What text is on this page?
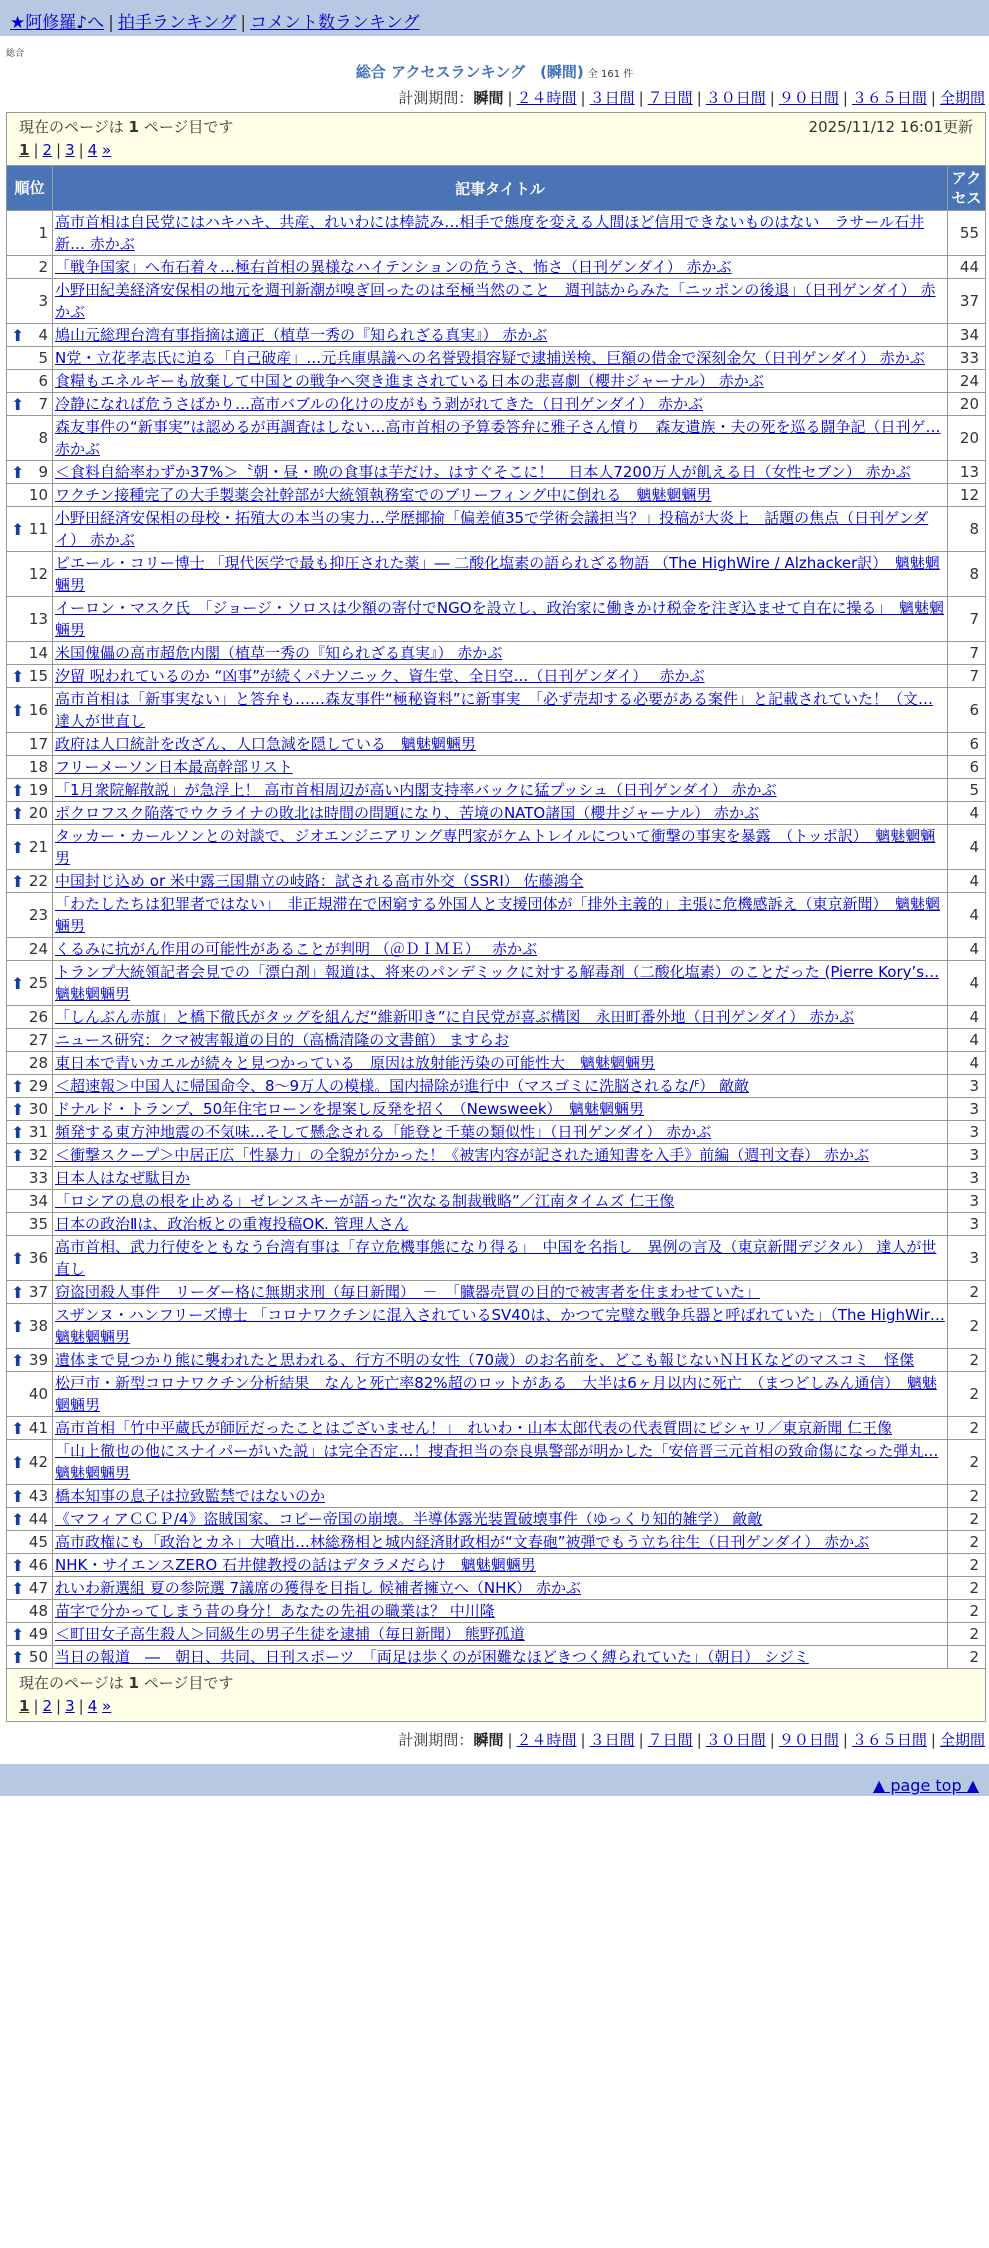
★阿修羅♪へ | 拍手ランキング | コメント数ランキング
総合
総合 アクセスランキング　(瞬間) 全 161 件
計測期間：瞬間 | ２４時間 | ３日間 | ７日間 | ３０日間 | ９０日間 | ３６５日間 | 全期間
現在のページは 1 ページ目です 2025/11/12 16:01更新
1 | 2 | 3 | 4 »		

順位	記事タイトル	アクセス
1	高市首相は自民党にはハキハキ、共産、れいわには棒読み…相手で態度を変える人間ほど信用できないものはない　ラサール石井 新… 赤かぶ	55
2	「戦争国家」へ布石着々…極右首相の異様なハイテンションの危うさ、怖さ（日刊ゲンダイ） 赤かぶ	44
3	小野田紀美経済安保相の地元を週刊新潮が嗅ぎ回ったのは至極当然のこと　週刊誌からみた「ニッポンの後退」（日刊ゲンダイ） 赤かぶ	37

⬆ 4	鳩山元総理台湾有事指摘は適正（植草一秀の『知られざる真実』） 赤かぶ	34
5	N党・立花孝志氏に迫る「自己破産」…元兵庫県議への名誉毀損容疑で逮捕送検、巨額の借金で深刻金欠（日刊ゲンダイ） 赤かぶ	33
6	食糧もエネルギーも放棄して中国との戦争へ突き進まされている日本の悲喜劇（櫻井ジャーナル） 赤かぶ	24

⬆ 7	冷静になれば危うさばかり…高市バブルの化けの皮がもう剥がれてきた（日刊ゲンダイ） 赤かぶ	20
8	森友事件の“新事実”は認めるが再調査はしない…高市首相の予算委答弁に雅子さん憤り　森友遺族・夫の死を巡る闘争記（日刊ゲ… 赤かぶ	20

⬆ 9	＜食料自給率わずか37%＞〝朝・昼・晩の食事は芋だけ〟はすぐそこに！　日本人7200万人が飢える日（女性セブン） 赤かぶ	13
10	ワクチン接種完了の大手製薬会社幹部が大統領執務室でのブリーフィング中に倒れる　魑魅魍魎男	12

⬆ 11	小野田経済安保相の母校・拓殖大の本当の実力…学歴揶揄「偏差値35で学術会議担当？」投稿が大炎上　話題の焦点（日刊ゲンダイ） 赤かぶ	8
12	ピエール・コリー博士 「現代医学で最も抑圧された薬」― 二酸化塩素の語られざる物語 （The HighWire / Alzhacker訳）　魑魅魍魎男	8
13	イーロン・マスク氏　「ジョージ・ソロスは少額の寄付でNGOを設立し、政治家に働きかけ税金を注ぎ込ませて自在に操る」　魑魅魍魎男	7
14	米国傀儡の高市超危内閣（植草一秀の『知られざる真実』） 赤かぶ	7

⬆ 15	汐留 呪われているのか “凶事”が続くパナソニック、資生堂、全日空…（日刊ゲンダイ）　 赤かぶ	7

⬆ 16	高市首相は「新事実ない」と答弁も……森友事件“極秘資料”に新事実　「必ず売却する必要がある案件」と記載されていた！（文… 達人が世直し	6
17	政府は人口統計を改ざん、人口急減を隠している　魑魅魍魎男	6
18	フリーメーソン日本最高幹部リスト	6

⬆ 19	「1月衆院解散説」が急浮上！ 高市首相周辺が高い内閣支持率バックに猛プッシュ（日刊ゲンダイ） 赤かぶ	5

⬆ 20	ポクロフスク陥落でウクライナの敗北は時間の問題になり、苦境のNATO諸国（櫻井ジャーナル） 赤かぶ	4

⬆ 21	タッカー・カールソンとの対談で、ジオエンジニアリング専門家がケムトレイルについて衝撃の事実を暴露　（トッポ訳）　魑魅魍魎男	4

⬆ 22	中国封じ込め or 米中露三国鼎立の岐路：試される高市外交（SSRI） 佐藤鴻全	4
23	「わたしたちは犯罪者ではない」　非正規滞在で困窮する外国人と支援団体が「排外主義的」主張に危機感訴え（東京新聞）　魑魅魍魎男	4
24	くるみに抗がん作用の可能性があることが判明 （＠ＤＩＭＥ）　 赤かぶ	4

⬆ 25	トランプ大統領記者会見での「漂白剤」報道は、将来のパンデミックに対する解毒剤（二酸化塩素）のことだった (Pierre Kory’s… 魑魅魍魎男	4
26	「しんぶん赤旗」と橋下徹氏がタッグを組んだ“維新叩き”に自民党が喜ぶ構図　永田町番外地（日刊ゲンダイ） 赤かぶ	4
27	ニュース研究：クマ被害報道の目的（高橋清隆の文書館） ますらお	4
28	東日本で青いカエルが続々と見つかっている　原因は放射能汚染の可能性大　魑魅魍魎男	4

⬆ 29	＜超速報＞中国人に帰国命令、8～9万人の模様。国内掃除が進行中（マスゴミに洗脳されるな/ꟳ） 敵敵	3

⬆ 30	ドナルド・トランプ、50年住宅ローンを提案し反発を招く （Newsweek）　魑魅魍魎男	3

⬆ 31	頻発する東方沖地震の不気味…そして懸念される「能登と千葉の類似性」（日刊ゲンダイ） 赤かぶ	3

⬆ 32	＜衝撃スクープ＞中居正広「性暴力」の全貌が分かった！《被害内容が記された通知書を入手》前編（週刊文春） 赤かぶ	3
33	日本人はなぜ駄目か	3
34	「ロシアの息の根を止める」ゼレンスキーが語った“次なる制裁戦略”／江南タイムズ 仁王像	3
35	日本の政治Ⅱは、政治板との重複投稿OK. 管理人さん	3

⬆ 36	高市首相、武力行使をともなう台湾有事は「存立危機事態になり得る」　中国を名指し　異例の言及（東京新聞デジタル） 達人が世直し	3

⬆ 37	窃盗団殺人事件　リーダー格に無期求刑（毎日新聞）　－　「臓器売買の目的で被害者を住まわせていた」	2

⬆ 38	スザンヌ・ハンフリーズ博士 「コロナワクチンに混入されているSV40は、かつて完璧な戦争兵器と呼ばれていた」（The HighWir… 魑魅魍魎男	2

⬆ 39	遺体まで見つかり熊に襲われたと思われる、行方不明の女性（70歳）のお名前を、どこも報じないＮＨＫなどのマスコミ　怪傑	2
40	松戸市・新型コロナワクチン分析結果　なんと死亡率82%超のロットがある　大半は6ヶ月以内に死亡　（まつどしみん通信）　魑魅魍魎男	2

⬆ 41	高市首相「竹中平蔵氏が師匠だったことはございません！」　れいわ・山本太郎代表の代表質問にピシャリ／東京新聞 仁王像	2

⬆ 42	「山上徹也の他にスナイパーがいた説」は完全否定…！捜査担当の奈良県警部が明かした「安倍晋三元首相の致命傷になった弾丸… 魑魅魍魎男	2

⬆ 43	橋本知事の息子は拉致監禁ではないのか	2

⬆ 44	《マフィアＣＣＰ/4》盗賊国家、コピー帝国の崩壊。半導体露光装置破壊事件（ゆっくり知的雑学） 敵敵	2
45	高市政権にも「政治とカネ」大噴出…林総務相と城内経済財政相が“文春砲”被弾でもう立ち往生（日刊ゲンダイ） 赤かぶ	2

⬆ 46	NHK・サイエンスZERO 石井健教授の話はデタラメだらけ　魑魅魍魎男	2

⬆ 47	れいわ新選組 夏の参院選 7議席の獲得を目指し 候補者擁立へ（NHK） 赤かぶ	2
48	苗字で分かってしまう昔の身分！あなたの先祖の職業は？ 中川隆	2

⬆ 49	＜町田女子高生殺人＞同級生の男子生徒を逮捕（毎日新聞） 熊野孤道	2

⬆ 50	当日の報道　―　朝日、共同、日刊スポーツ　「両足は歩くのが困難なほどきつく縛られていた」（朝日） シジミ	2

現在のページは 1 ページ目です
1 | 2 | 3 | 4 »		
計測期間：瞬間 | ２４時間 | ３日間 | ７日間 | ３０日間 | ９０日間 | ３６５日間 | 全期間
▲ page top ▲
